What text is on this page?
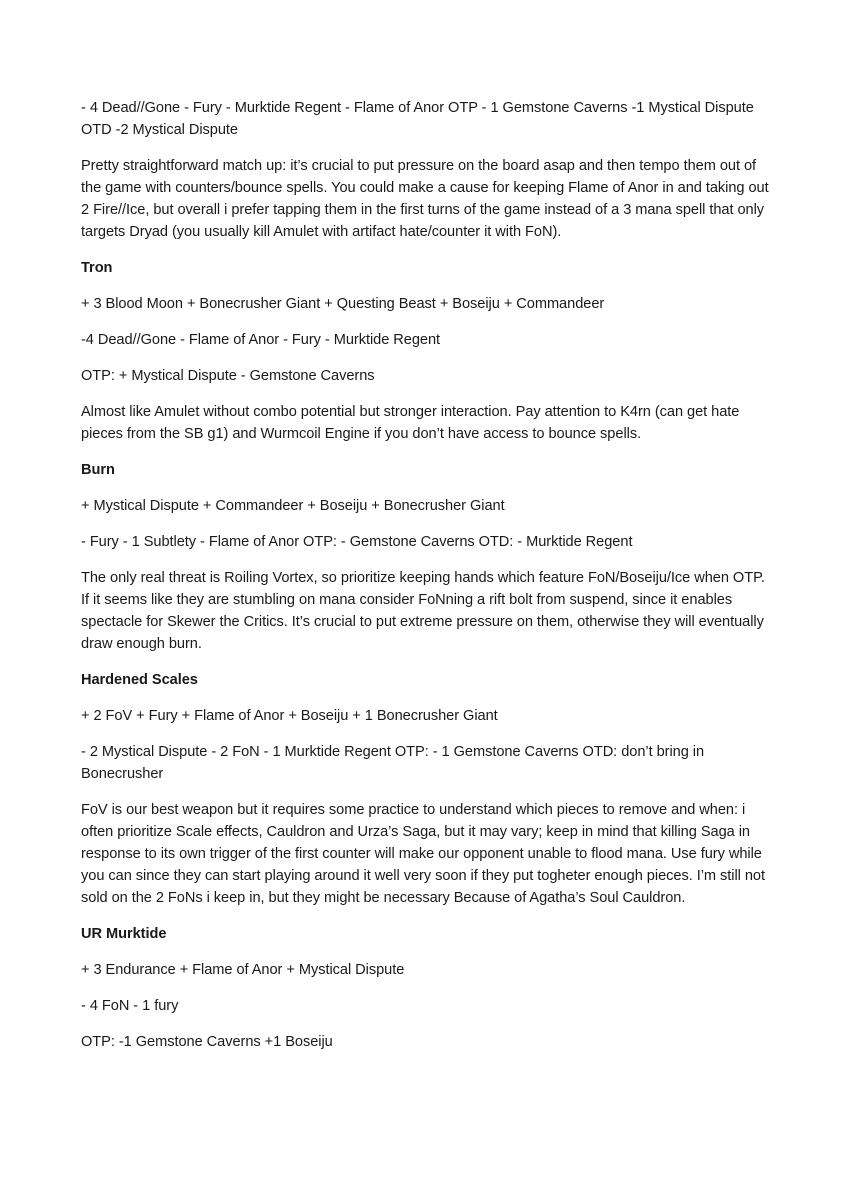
- 4 Dead//Gone - Fury - Murktide Regent - Flame of Anor OTP - 1 Gemstone Caverns -1 Mystical Dispute OTD -2 Mystical Dispute

Pretty straightforward match up: it’s crucial to put pressure on the board asap and then tempo them out of the game with counters/bounce spells. You could make a cause for keeping Flame of Anor in and taking out 2 Fire//Ice, but overall i prefer tapping them in the first turns of the game instead of a 3 mana spell that only targets Dryad (you usually kill Amulet with artifact hate/counter it with FoN).

Tron

+ 3 Blood Moon + Bonecrusher Giant + Questing Beast + Boseiju + Commandeer

-4 Dead//Gone - Flame of Anor - Fury - Murktide Regent

OTP: + Mystical Dispute - Gemstone Caverns

Almost like Amulet without combo potential but stronger interaction. Pay attention to K4rn (can get hate pieces from the SB g1) and Wurmcoil Engine if you don’t have access to bounce spells.

Burn

+ Mystical Dispute + Commandeer + Boseiju + Bonecrusher Giant

- Fury - 1 Subtlety - Flame of Anor OTP: - Gemstone Caverns OTD: - Murktide Regent

The only real threat is Roiling Vortex, so prioritize keeping hands which feature FoN/Boseiju/Ice when OTP. If it seems like they are stumbling on mana consider FoNning a rift bolt from suspend, since it enables spectacle for Skewer the Critics. It’s crucial to put extreme pressure on them, otherwise they will eventually draw enough burn.

Hardened Scales

+ 2 FoV + Fury + Flame of Anor + Boseiju + 1 Bonecrusher Giant

- 2 Mystical Dispute - 2 FoN - 1 Murktide Regent OTP: - 1 Gemstone Caverns OTD: don’t bring in Bonecrusher

FoV is our best weapon but it requires some practice to understand which pieces to remove and when: i often prioritize Scale effects, Cauldron and Urza’s Saga, but it may vary; keep in mind that killing Saga in response to its own trigger of the first counter will make our opponent unable to flood mana. Use fury while you can since they can start playing around it well very soon if they put togheter enough pieces. I’m still not sold on the 2 FoNs i keep in, but they might be necessary Because of Agatha’s Soul Cauldron.

UR Murktide

+ 3 Endurance + Flame of Anor + Mystical Dispute

- 4 FoN - 1 fury

OTP: -1 Gemstone Caverns +1 Boseiju
